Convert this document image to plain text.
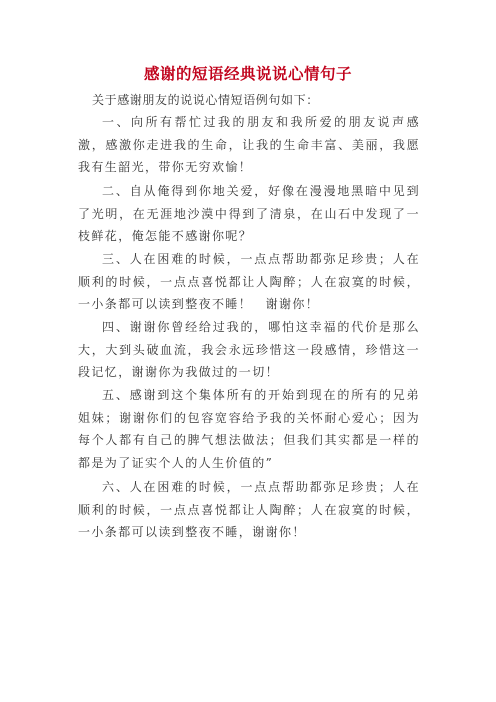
感谢的短语经典说说心情句子

关于感谢朋友的说说心情短语例句如下：

一、向所有帮忙过我的朋友和我所爱的朋友说声感激，感激你走进我的生命，让我的生命丰富、美丽，我愿我有生韶光，带你无穷欢愉！

二、自从俺得到你地关爱，好像在漫漫地黑暗中见到了光明，在无涯地沙漠中得到了清泉，在山石中发现了一枝鲜花，俺怎能不感谢你呢？

三、人在困难的时候，一点点帮助都弥足珍贵；人在顺利的时候，一点点喜悦都让人陶醉；人在寂寞的时候，一小条都可以读到整夜不睡！　谢谢你！

四、谢谢你曾经给过我的，哪怕这幸福的代价是那么大，大到头破血流，我会永远珍惜这一段感情，珍惜这一段记忆，谢谢你为我做过的一切！

五、感谢到这个集体所有的开始到现在的所有的兄弟姐妹；谢谢你们的包容宽容给予我的关怀耐心爱心；因为每个人都有自己的脾气想法做法；但我们其实都是一样的都是为了证实个人的人生价值的”

六、人在困难的时候，一点点帮助都弥足珍贵；人在顺利的时候，一点点喜悦都让人陶醉；人在寂寞的时候，一小条都可以读到整夜不睡，谢谢你！
